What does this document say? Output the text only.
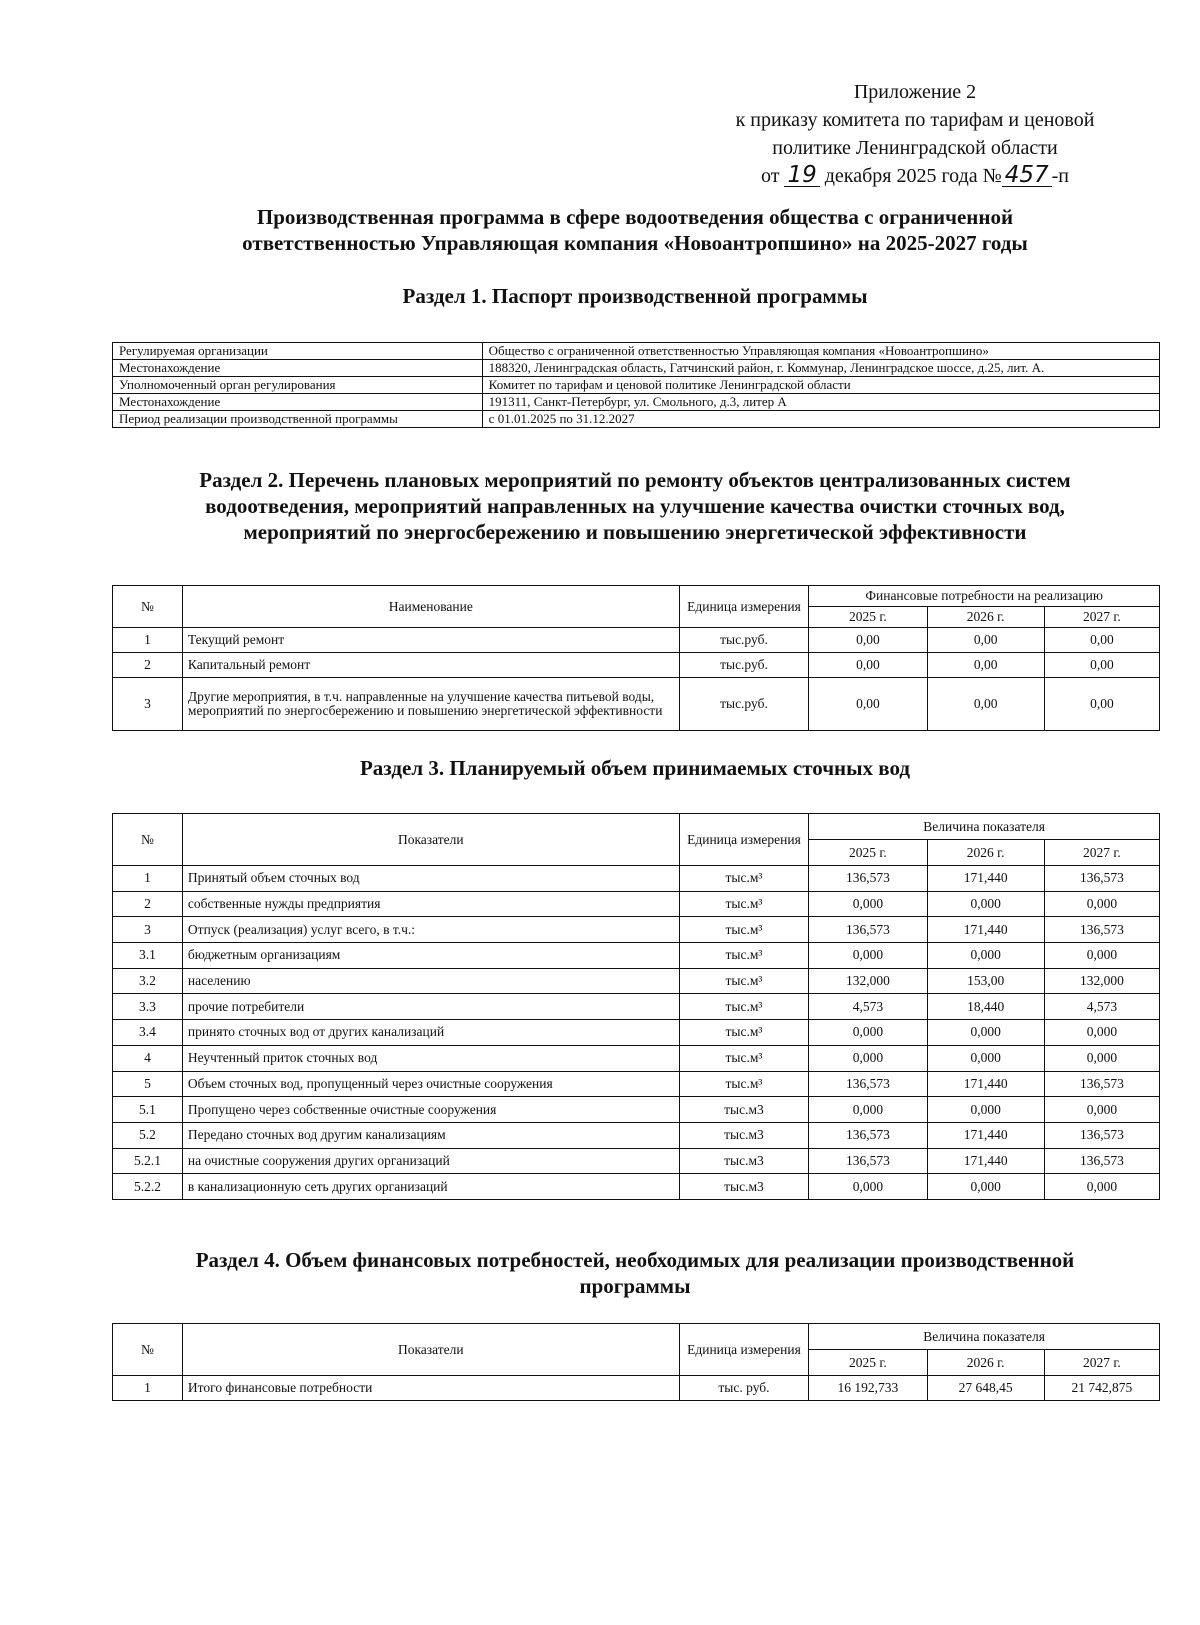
Приложение 2
к приказу комитета по тарифам и ценовой
политике Ленинградской области
от 19 декабря 2025 года № 457 -п
Производственная программа в сфере водоотведения общества с ограниченной
ответственностью Управляющая компания «Новоантропшино» на 2025-2027 годы
Раздел 1. Паспорт производственной программы
Регулируемая организации	Общество с ограниченной ответственностью Управляющая компания «Новоантропшино»
Местонахождение	188320, Ленинградская область, Гатчинский район, г. Коммунар, Ленинградское шоссе, д.25, лит. А.
Уполномоченный орган регулирования	Комитет по тарифам и ценовой политике Ленинградской области
Местонахождение	191311, Санкт-Петербург, ул. Смольного, д.3, литер А
Период реализации производственной программы	с 01.01.2025 по 31.12.2027
Раздел 2. Перечень плановых мероприятий по ремонту объектов централизованных систем
водоотведения, мероприятий направленных на улучшение качества очистки сточных вод,
мероприятий по энергосбережению и повышению энергетической эффективности
№	Наименование	Единица измерения	Финансовые потребности на реализацию		
			2025 г.	2026 г.	2027 г.
1	Текущий ремонт	тыс.руб.	0,00	0,00	0,00
2	Капитальный ремонт	тыс.руб.	0,00	0,00	0,00
3	Другие мероприятия, в т.ч. направленные на улучшение качества питьевой воды, мероприятий по энергосбережению и повышению энергетической эффективности	тыс.руб.	0,00	0,00	0,00
Раздел 3. Планируемый объем принимаемых сточных вод
№	Показатели	Единица измерения	Величина показателя		
			2025 г.	2026 г.	2027 г.
1	Принятый объем сточных вод	тыс.м³	136,573	171,440	136,573
2	собственные нужды предприятия	тыс.м³	0,000	0,000	0,000
3	Отпуск (реализация) услуг всего, в т.ч.:	тыс.м³	136,573	171,440	136,573
3.1	бюджетным организациям	тыс.м³	0,000	0,000	0,000
3.2	населению	тыс.м³	132,000	153,00	132,000
3.3	прочие потребители	тыс.м³	4,573	18,440	4,573
3.4	принято сточных вод от других канализаций	тыс.м³	0,000	0,000	0,000
4	Неучтенный приток сточных вод	тыс.м³	0,000	0,000	0,000
5	Объем сточных вод, пропущенный через очистные сооружения	тыс.м³	136,573	171,440	136,573
5.1	Пропущено через собственные очистные сооружения	тыс.м3	0,000	0,000	0,000
5.2	Передано сточных вод другим канализациям	тыс.м3	136,573	171,440	136,573
5.2.1	на очистные сооружения других организаций	тыс.м3	136,573	171,440	136,573
5.2.2	в канализационную сеть других организаций	тыс.м3	0,000	0,000	0,000
Раздел 4. Объем финансовых потребностей, необходимых для реализации производственной
программы
№	Показатели	Единица измерения	Величина показателя		
			2025 г.	2026 г.	2027 г.
1	Итого финансовые потребности	тыс. руб.	16 192,733	27 648,45	21 742,875
